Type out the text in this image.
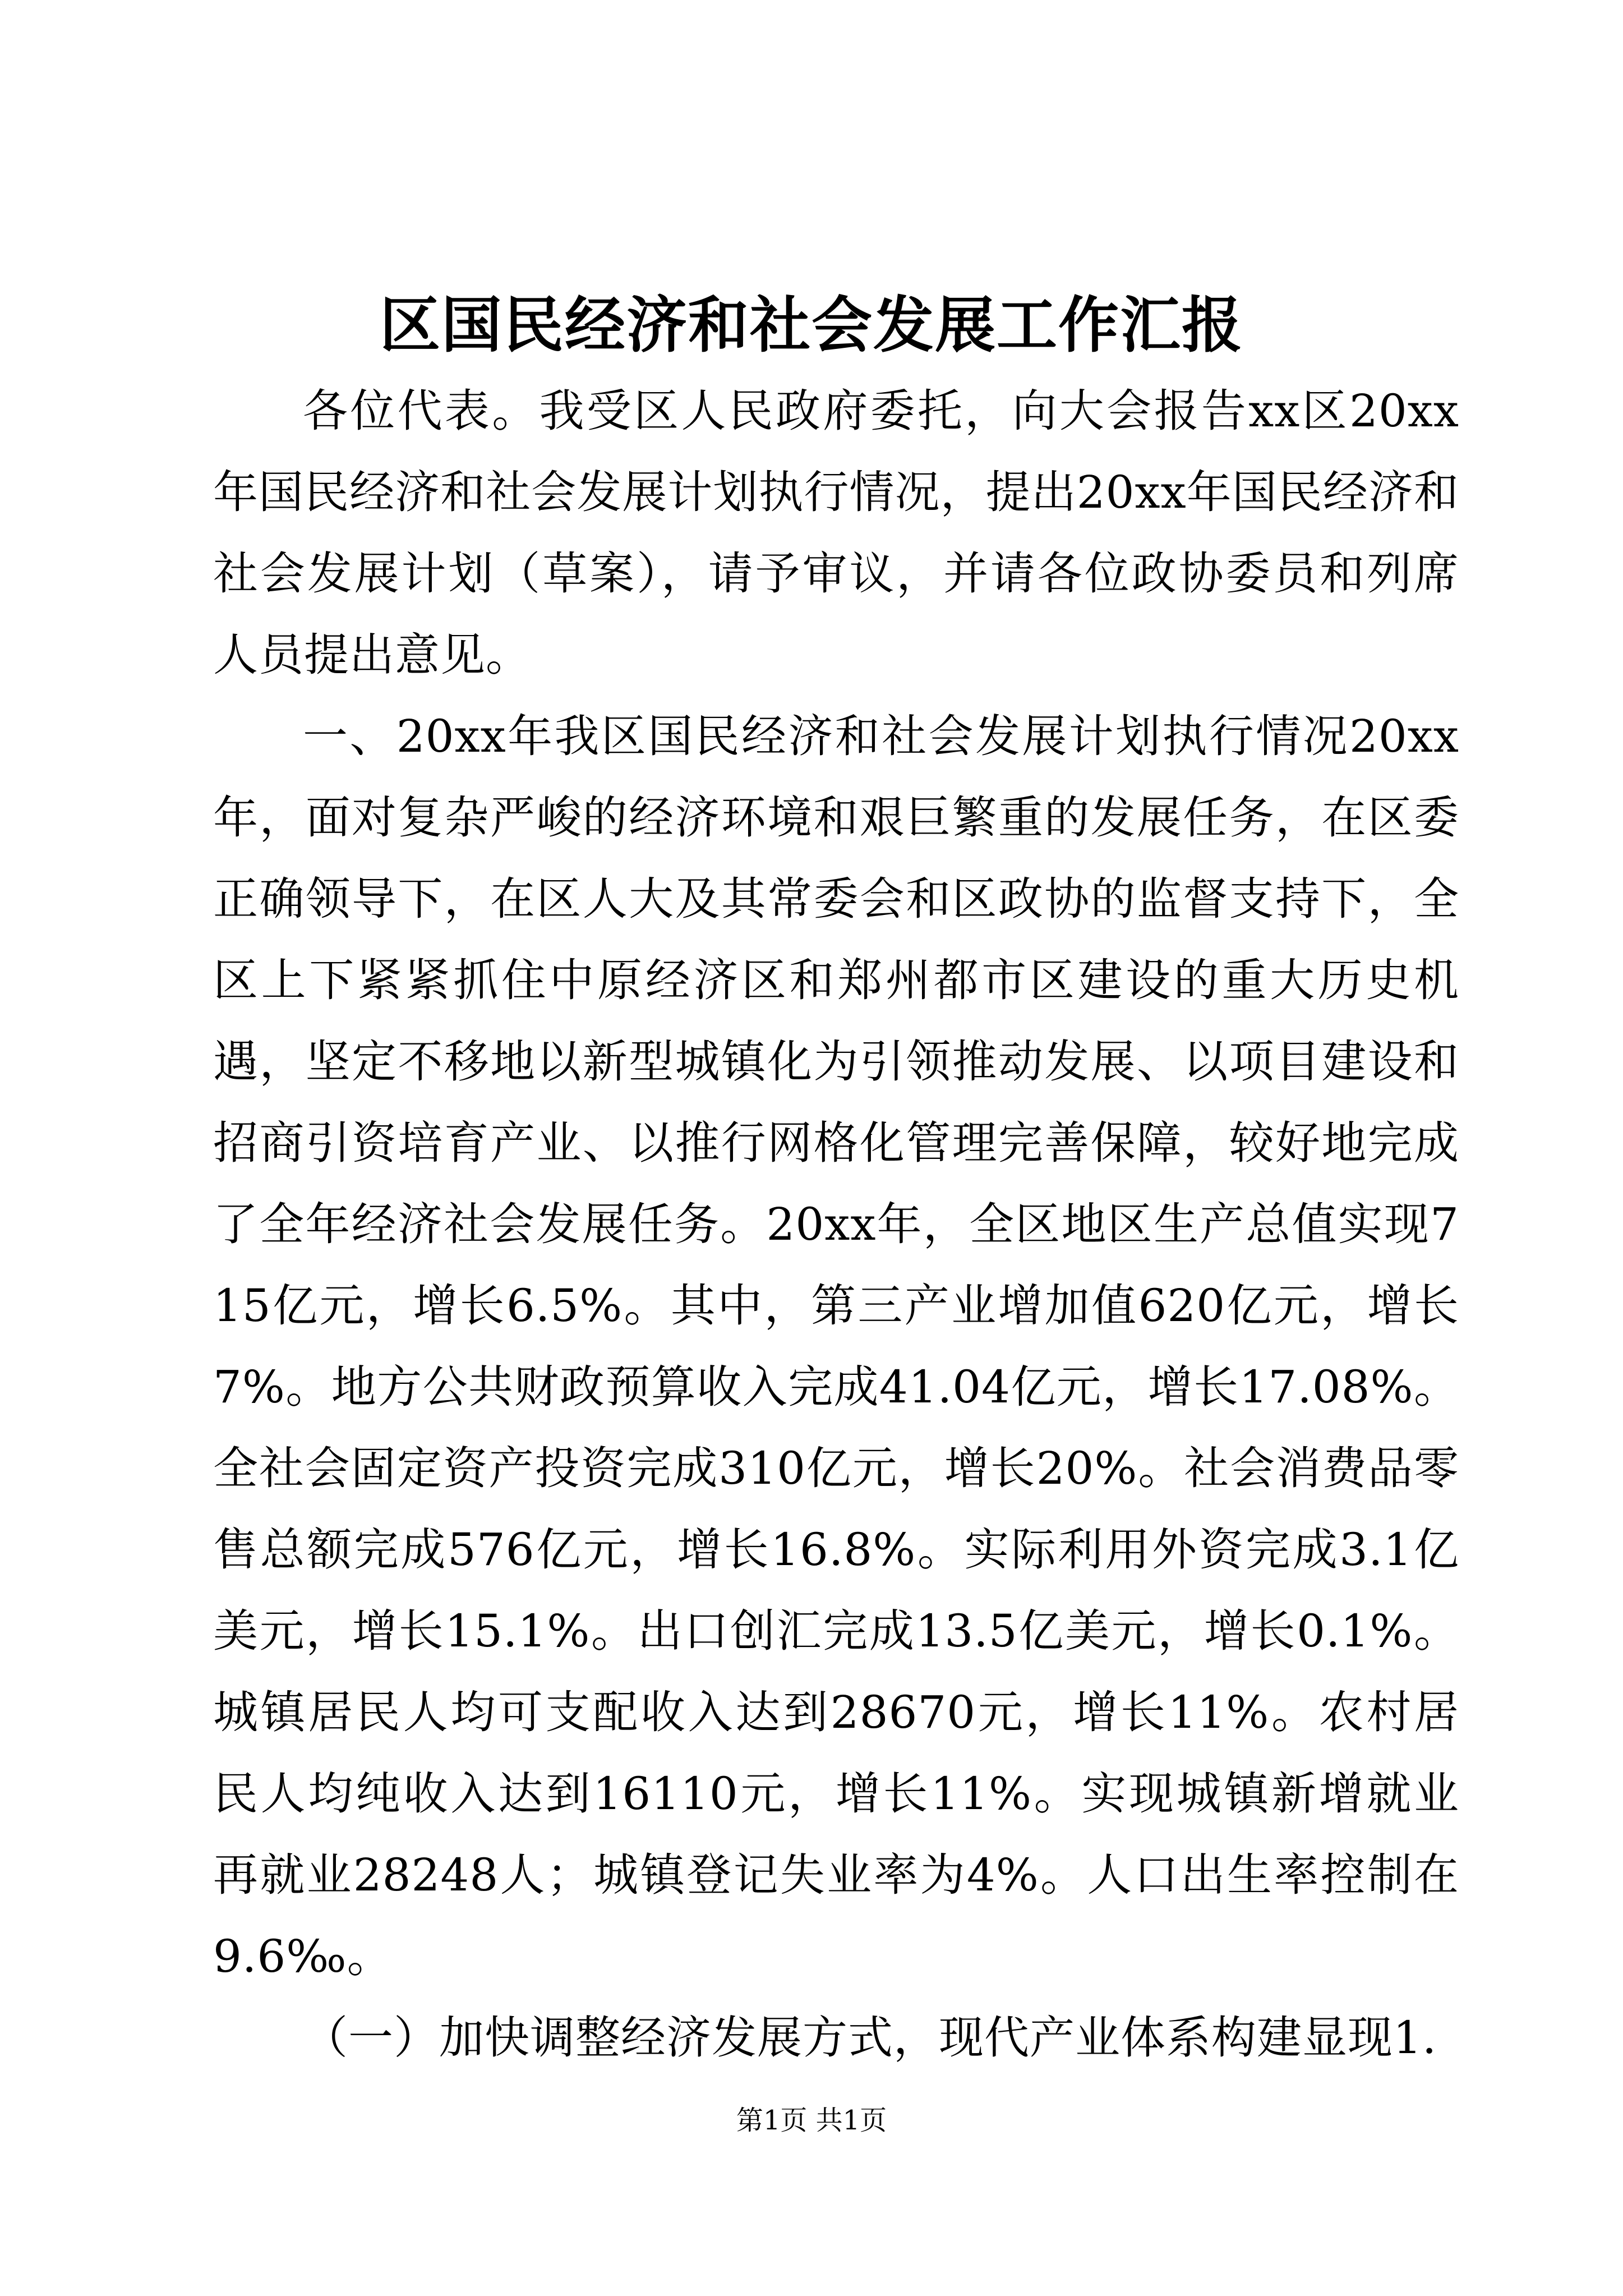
区国民经济和社会发展工作汇报

各位代表。我受区人民政府委托，向大会报告xx区20xx年国民经济和社会发展计划执行情况，提出20xx年国民经济和社会发展计划（草案），请予审议，并请各位政协委员和列席人员提出意见。

一、20xx年我区国民经济和社会发展计划执行情况20xx年，面对复杂严峻的经济环境和艰巨繁重的发展任务，在区委正确领导下，在区人大及其常委会和区政协的监督支持下，全区上下紧紧抓住中原经济区和郑州都市区建设的重大历史机遇，坚定不移地以新型城镇化为引领推动发展、以项目建设和招商引资培育产业、以推行网格化管理完善保障，较好地完成了全年经济社会发展任务。20xx年，全区地区生产总值实现715亿元，增长6.5%。其中，第三产业增加值620亿元，增长7%。地方公共财政预算收入完成41.04亿元，增长17.08%。全社会固定资产投资完成310亿元，增长20%。社会消费品零售总额完成576亿元，增长16.8%。实际利用外资完成3.1亿美元，增长15.1%。出口创汇完成13.5亿美元，增长0.1%。城镇居民人均可支配收入达到28670元，增长11%。农村居民人均纯收入达到16110元，增长11%。实现城镇新增就业再就业28248人；城镇登记失业率为4%。人口出生率控制在9.6‰。

（一）加快调整经济发展方式，现代产业体系构建显现1.

第1页 共1页
